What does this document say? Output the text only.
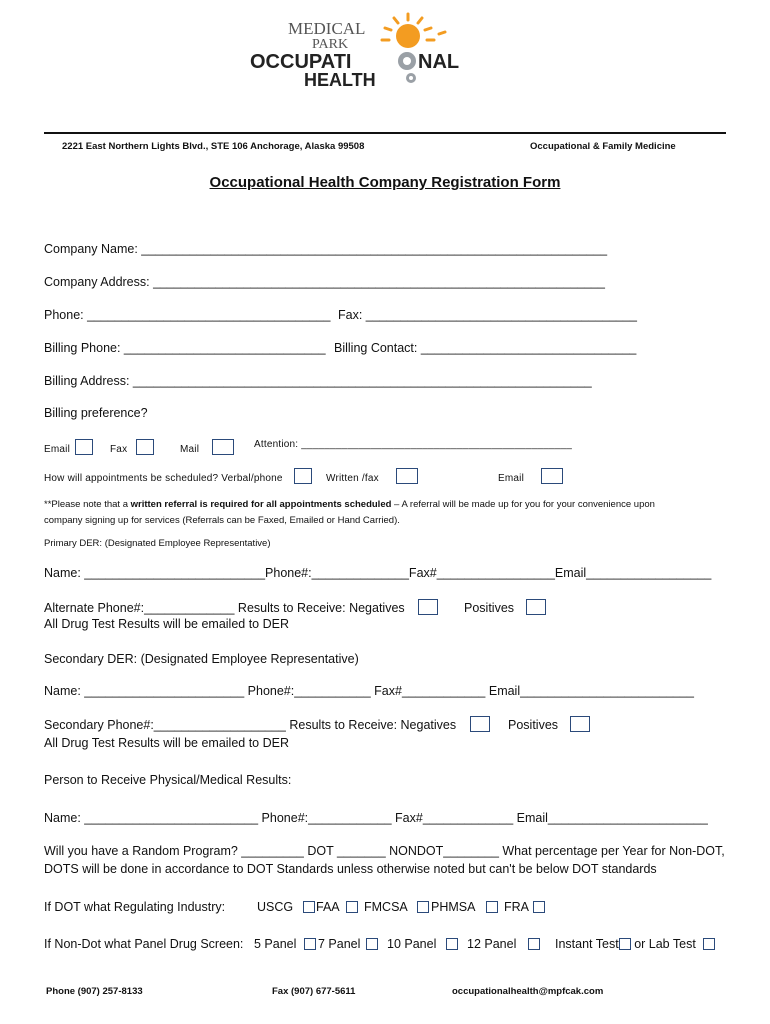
MEDICAL
PARK
OCCUPATI	NAL
HEALTH
2221 East Northern Lights Blvd., STE 106 Anchorage, Alaska 99508	Occupational & Family Medicine
Occupational Health Company Registration Form
Company Name: ___________________________________________________________________
Company Address: _________________________________________________________________
Phone: ___________________________________ Fax: _______________________________________
Billing Phone: _____________________________ Billing Contact: _______________________________
Billing Address: __________________________________________________________________
Billing preference?
Email	Fax	Mail	Attention: _______________________________________________
How will appointments be scheduled? Verbal/phone	Written /fax	Email
**Please note that a written referral is required for all appointments scheduled – A referral will be made up for you for your convenience upon
company signing up for services (Referrals can be Faxed, Emailed or Hand Carried).
Primary DER: (Designated Employee Representative)
Name: __________________________Phone#:______________Fax#_________________Email__________________
Alternate Phone#:_____________ Results to Receive: Negatives	Positives
All Drug Test Results will be emailed to DER
Secondary DER: (Designated Employee Representative)
Name: _______________________ Phone#:___________ Fax#____________ Email_________________________
Secondary Phone#:___________________ Results to Receive: Negatives	Positives
All Drug Test Results will be emailed to DER
Person to Receive Physical/Medical Results:
Name: _________________________ Phone#:____________ Fax#_____________ Email_______________________
Will you have a Random Program? _________ DOT _______ NONDOT________ What percentage per Year for Non-DOT,
DOTS will be done in accordance to DOT Standards unless otherwise noted but can't be below DOT standards
If DOT what Regulating Industry:	USCG	FAA	FMCSA	PHMSA	FRA
If Non-Dot what Panel Drug Screen: 5 Panel	7 Panel	10 Panel	12 Panel	Instant Test or Lab Test
Phone (907) 257-8133	Fax (907) 677-5611	occupationalhealth@mpfcak.com
